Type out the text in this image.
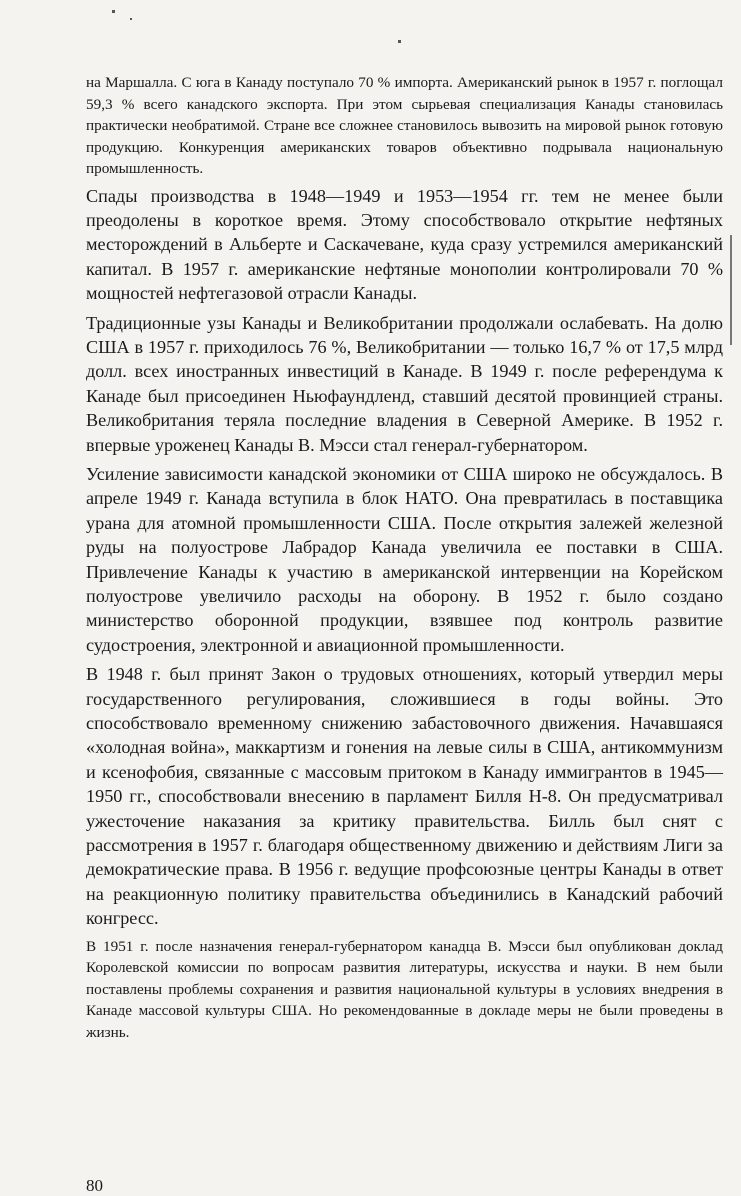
на Маршалла. С юга в Канаду поступало 70 % импорта. Американский рынок в 1957 г. поглощал 59,3 % всего канадского экспорта. При этом сырьевая специализация Канады становилась практически необратимой. Стране все сложнее становилось вывозить на мировой рынок готовую продукцию. Конкуренция американских товаров объективно подрывала национальную промышленность.

Спады производства в 1948—1949 и 1953—1954 гг. тем не менее были преодолены в короткое время. Этому способствовало открытие нефтяных месторождений в Альберте и Саскачеване, куда сразу устремился американский капитал. В 1957 г. американские нефтяные монополии контролировали 70 % мощностей нефтегазовой отрасли Канады.

Традиционные узы Канады и Великобритании продолжали ослабевать. На долю США в 1957 г. приходилось 76 %, Великобритании — только 16,7 % от 17,5 млрд долл. всех иностранных инвестиций в Канаде. В 1949 г. после референдума к Канаде был присоединен Ньюфаундленд, ставший десятой провинцией страны. Великобритания теряла последние владения в Северной Америке. В 1952 г. впервые уроженец Канады В. Мэсси стал генерал-губернатором.

Усиление зависимости канадской экономики от США широко не обсуждалось. В апреле 1949 г. Канада вступила в блок НАТО. Она превратилась в поставщика урана для атомной промышленности США. После открытия залежей железной руды на полуострове Лабрадор Канада увеличила ее поставки в США. Привлечение Канады к участию в американской интервенции на Корейском полуострове увеличило расходы на оборону. В 1952 г. было создано министерство оборонной продукции, взявшее под контроль развитие судостроения, электронной и авиационной промышленности.

В 1948 г. был принят Закон о трудовых отношениях, который утвердил меры государственного регулирования, сложившиеся в годы войны. Это способствовало временному снижению забастовочного движения. Начавшаяся «холодная война», маккартизм и гонения на левые силы в США, антикоммунизм и ксенофобия, связанные с массовым притоком в Канаду иммигрантов в 1945—1950 гг., способствовали внесению в парламент Билля Н-8. Он предусматривал ужесточение наказания за критику правительства. Билль был снят с рассмотрения в 1957 г. благодаря общественному движению и действиям Лиги за демократические права. В 1956 г. ведущие профсоюзные центры Канады в ответ на реакционную политику правительства объединились в Канадский рабочий конгресс.

В 1951 г. после назначения генерал-губернатором канадца В. Мэсси был опубликован доклад Королевской комиссии по вопросам развития литературы, искусства и науки. В нем были поставлены проблемы сохранения и развития национальной культуры в условиях внедрения в Канаде массовой культуры США. Но рекомендованные в докладе меры не были проведены в жизнь.

80
